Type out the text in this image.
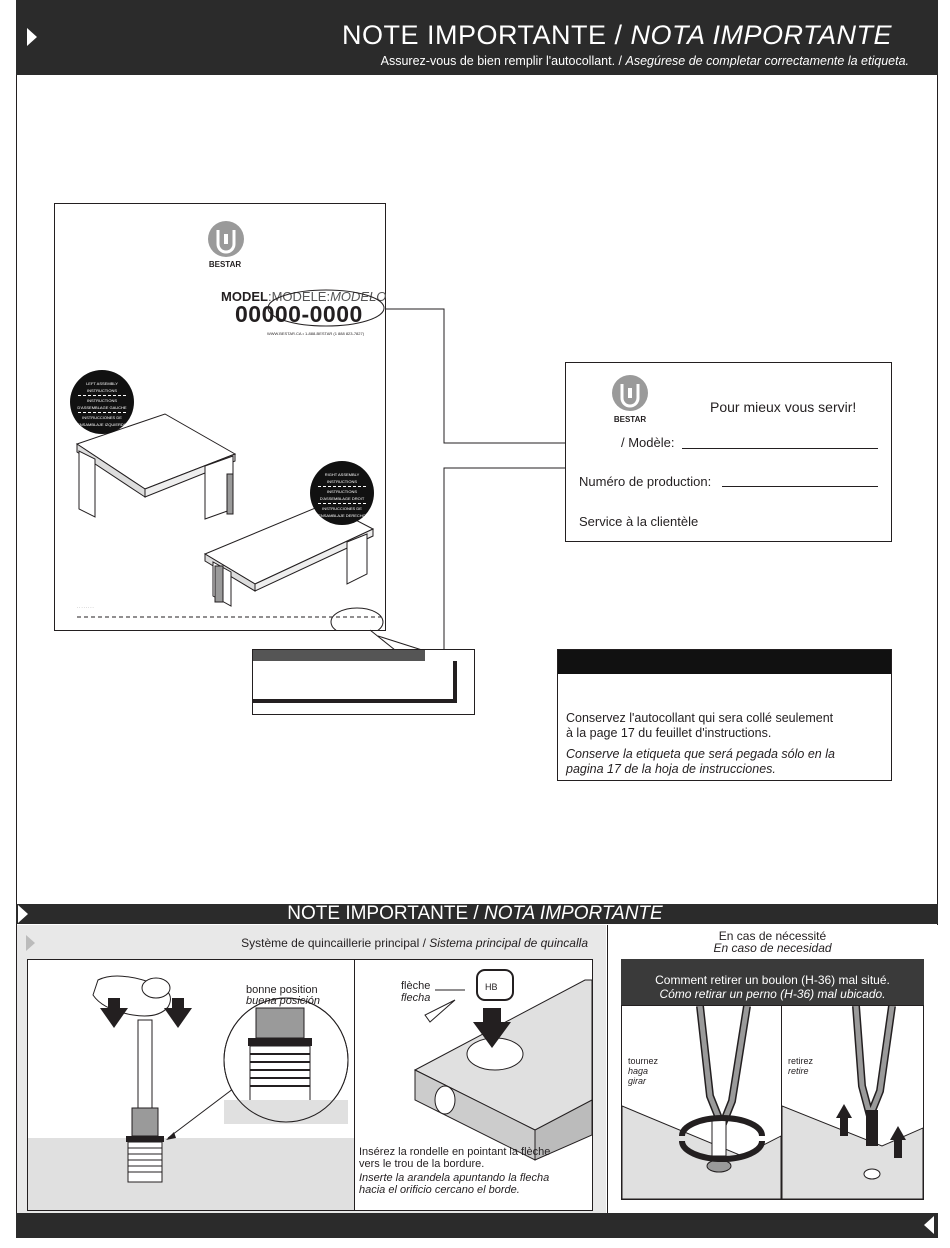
NOTE IMPORTANTE / NOTA IMPORTANTE
Assurez-vous de bien remplir l'autocollant. / Asegúrese de completar correctamente la etiqueta.
. . . . . . . .
BESTAR
MODEL:MODELE:MODELO
00000-0000
WWW.BESTAR.CA • 1-888-BESTAR (1 888 823-7827)
LEFT ASSEMBLY
INSTRUCTIONS
INSTRUCTIONS
D'ASSEMBLAGE GAUCHE
INSTRUCCIONES DE
ENSAMBLAJE IZQUIERDO
RIGHT ASSEMBLY
INSTRUCTIONS
INSTRUCTIONS
D'ASSEMBLAGE DROIT
INSTRUCCIONES DE
ENSAMBLAJE DERECHO
BESTAR
Pour mieux vous servir!
/ Modèle:
Numéro de production:
Service à la clientèle
Conservez l'autocollant qui sera collé seulement
à la page 17 du feuillet d'instructions.
Conserve la etiqueta que será pegada sólo en la
pagina 17 de la hoja de instrucciones.
NOTE IMPORTANTE / NOTA IMPORTANTE
Système de quincaillerie principal / Sistema principal de quincalla
bonne position
buena posición
HB
flèche
flecha
Insérez la rondelle en pointant la flèche
vers le trou de la bordure.
Inserte la arandela apuntando la flecha
hacia el orificio cercano el borde.
En cas de nécessité
En caso de necesidad
Comment retirer un boulon (H-36) mal situé.
Cómo retirar un perno (H-36) mal ubicado.
tournez
haga
girar
retirez
retire
